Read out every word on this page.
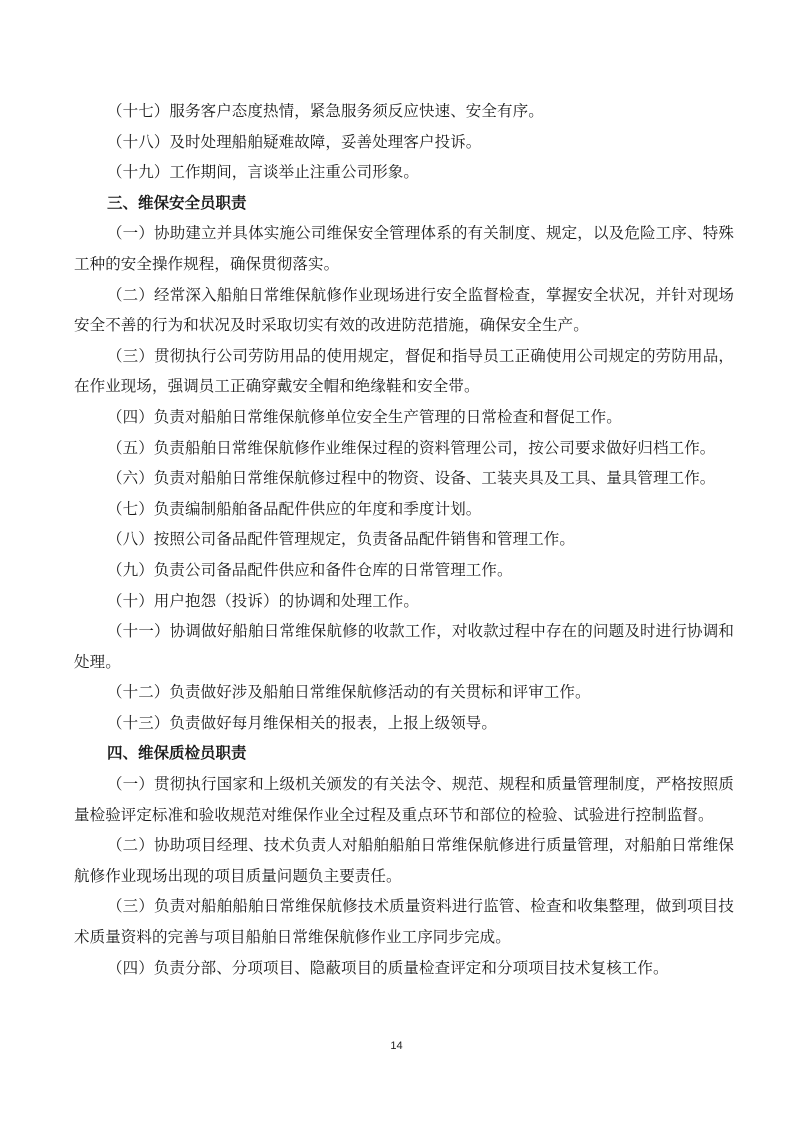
（十七）服务客户态度热情，紧急服务须反应快速、安全有序。

（十八）及时处理船舶疑难故障，妥善处理客户投诉。

（十九）工作期间，言谈举止注重公司形象。

三、维保安全员职责

（一）协助建立并具体实施公司维保安全管理体系的有关制度、规定，以及危险工序、特殊工种的安全操作规程，确保贯彻落实。

（二）经常深入船舶日常维保航修作业现场进行安全监督检查，掌握安全状况，并针对现场安全不善的行为和状况及时采取切实有效的改进防范措施，确保安全生产。

（三）贯彻执行公司劳防用品的使用规定，督促和指导员工正确使用公司规定的劳防用品，在作业现场，强调员工正确穿戴安全帽和绝缘鞋和安全带。

（四）负责对船舶日常维保航修单位安全生产管理的日常检查和督促工作。

（五）负责船舶日常维保航修作业维保过程的资料管理公司，按公司要求做好归档工作。

（六）负责对船舶日常维保航修过程中的物资、设备、工装夹具及工具、量具管理工作。

（七）负责编制船舶备品配件供应的年度和季度计划。

（八）按照公司备品配件管理规定，负责备品配件销售和管理工作。

（九）负责公司备品配件供应和备件仓库的日常管理工作。

（十）用户抱怨（投诉）的协调和处理工作。

（十一）协调做好船舶日常维保航修的收款工作，对收款过程中存在的问题及时进行协调和处理。

（十二）负责做好涉及船舶日常维保航修活动的有关贯标和评审工作。

（十三）负责做好每月维保相关的报表，上报上级领导。

四、维保质检员职责

（一）贯彻执行国家和上级机关颁发的有关法令、规范、规程和质量管理制度，严格按照质量检验评定标准和验收规范对维保作业全过程及重点环节和部位的检验、试验进行控制监督。

（二）协助项目经理、技术负责人对船舶船舶日常维保航修进行质量管理，对船舶日常维保航修作业现场出现的项目质量问题负主要责任。

（三）负责对船舶船舶日常维保航修技术质量资料进行监管、检查和收集整理，做到项目技术质量资料的完善与项目船舶日常维保航修作业工序同步完成。

（四）负责分部、分项项目、隐蔽项目的质量检查评定和分项项目技术复核工作。

14
